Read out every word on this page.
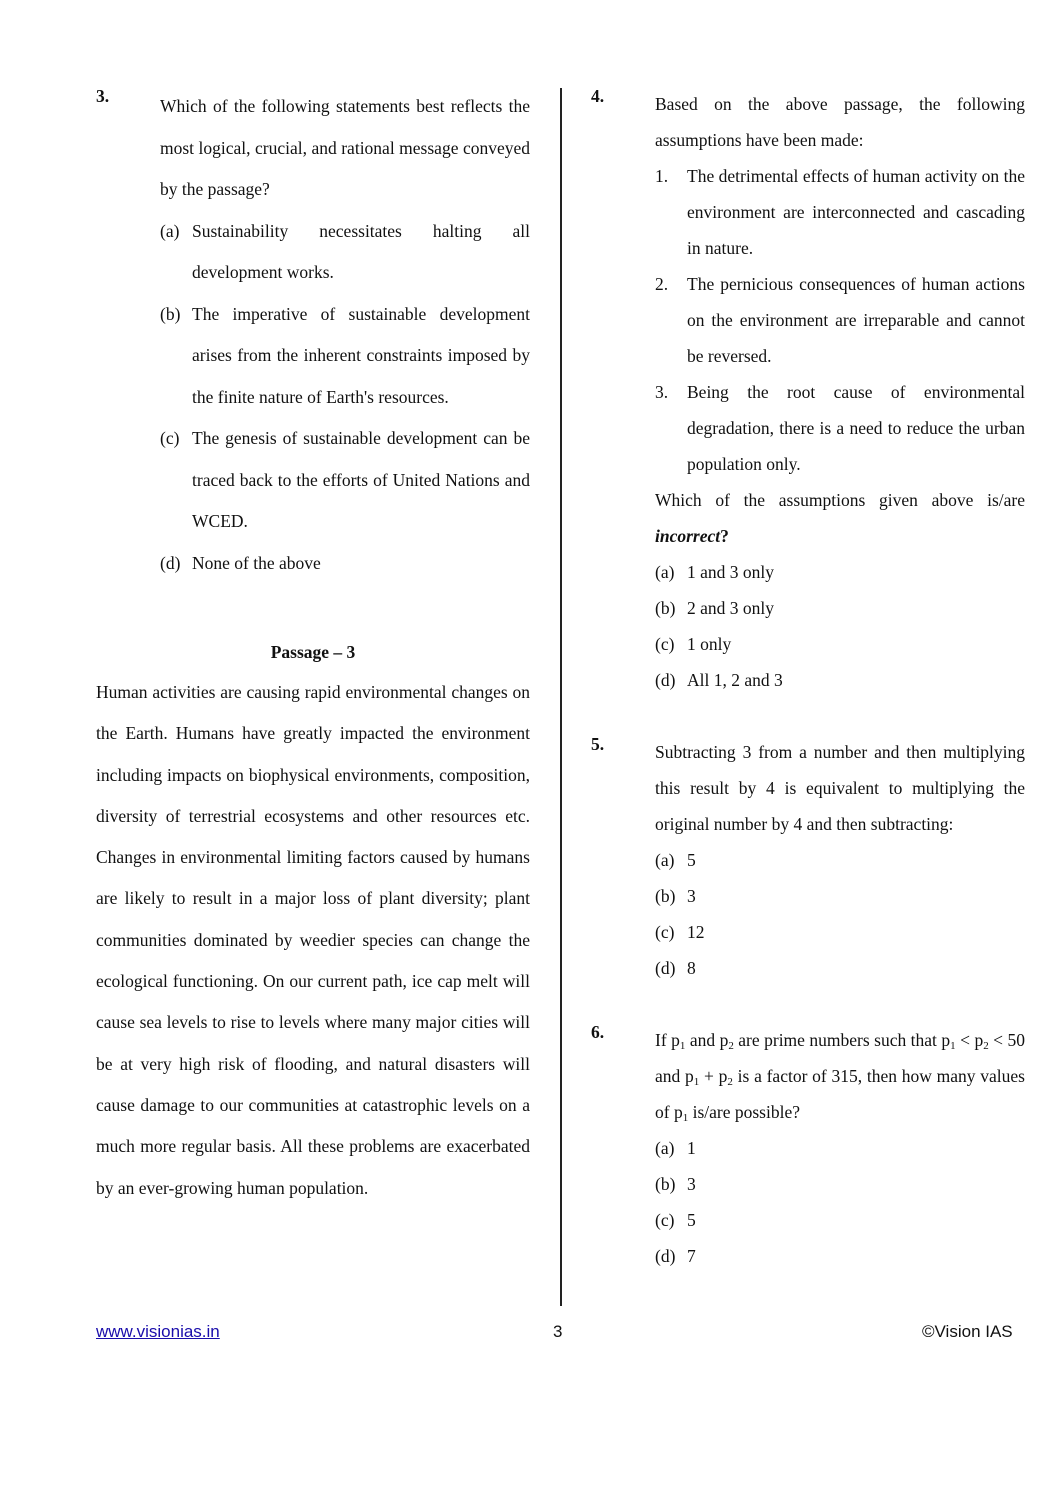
3.	Which of the following statements best reflects the most logical, crucial, and rational message conveyed by the passage?

(a) Sustainability necessitates halting all development works.
(b) The imperative of sustainable development arises from the inherent constraints imposed by the finite nature of Earth's resources.
(c) The genesis of sustainable development can be traced back to the efforts of United Nations and WCED.
(d) None of the above
Passage – 3

Human activities are causing rapid environmental changes on the Earth. Humans have greatly impacted the environment including impacts on biophysical environments, composition, diversity of terrestrial ecosystems and other resources etc. Changes in environmental limiting factors caused by humans are likely to result in a major loss of plant diversity; plant communities dominated by weedier species can change the ecological functioning. On our current path, ice cap melt will cause sea levels to rise to levels where many major cities will be at very high risk of flooding, and natural disasters will cause damage to our communities at catastrophic levels on a much more regular basis. All these problems are exacerbated by an ever-growing human population.

4.	Based on the above passage, the following assumptions have been made:

1.	The detrimental effects of human activity on the environment are interconnected and cascading in nature.
2.	The pernicious consequences of human actions on the environment are irreparable and cannot be reversed.
3.	Being the root cause of environmental degradation, there is a need to reduce the urban population only.

Which of the assumptions given above is/are incorrect?

(a) 1 and 3 only
(b) 2 and 3 only
(c) 1 only
(d) All 1, 2 and 3
5.	Subtracting 3 from a number and then multiplying this result by 4 is equivalent to multiplying the original number by 4 and then subtracting:

(a) 5
(b) 3
(c) 12
(d) 8
6.	If $p_1$ and $p_2$ are prime numbers such that $p_1 < p_2 < 50$ and $p_1 + p_2$ is a factor of 315, then how many values of $p_1$ is/are possible?

(a) 1
(b) 3
(c) 5
(d) 7
www.visionias.in	3	©Vision IAS
